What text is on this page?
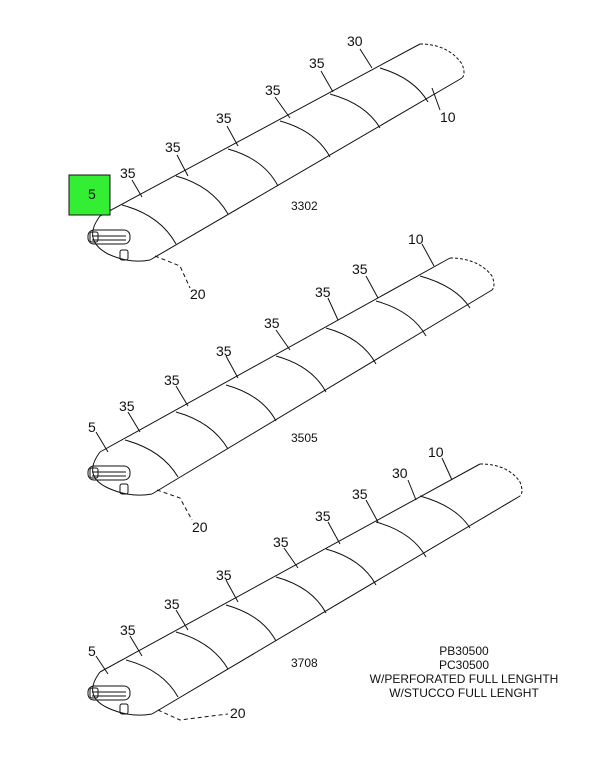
5
35
35
35
35
35
30
10
20
3302
5
35
35
35
35
35
35
10
20
3505
5
35
35
35
35
35
35
30
10
20
3708
PB30500
PC30500
W/PERFORATED FULL LENGHTH
W/STUCCO FULL LENGHT
